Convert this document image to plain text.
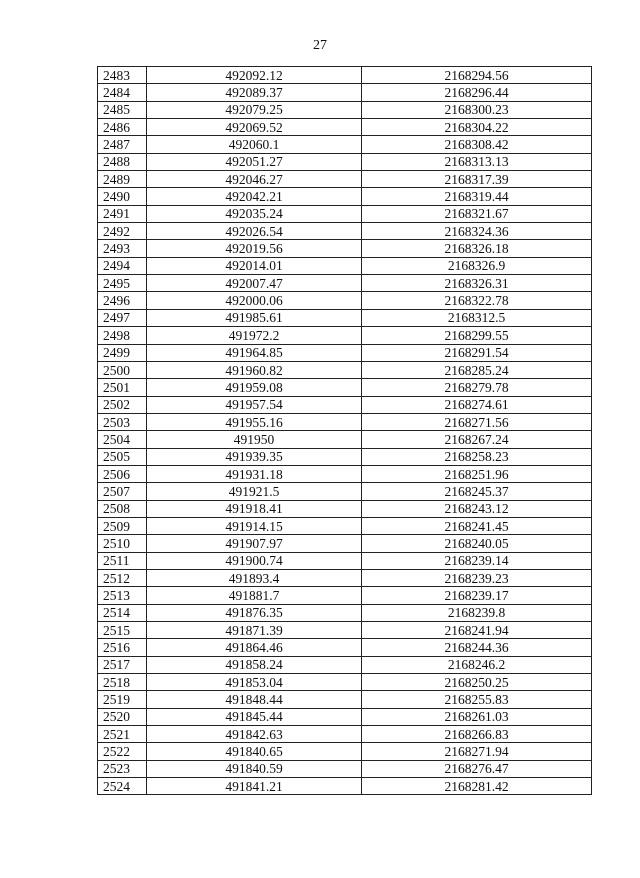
27
2483	492092.12	2168294.56
2484	492089.37	2168296.44
2485	492079.25	2168300.23
2486	492069.52	2168304.22
2487	492060.1	2168308.42
2488	492051.27	2168313.13
2489	492046.27	2168317.39
2490	492042.21	2168319.44
2491	492035.24	2168321.67
2492	492026.54	2168324.36
2493	492019.56	2168326.18
2494	492014.01	2168326.9
2495	492007.47	2168326.31
2496	492000.06	2168322.78
2497	491985.61	2168312.5
2498	491972.2	2168299.55
2499	491964.85	2168291.54
2500	491960.82	2168285.24
2501	491959.08	2168279.78
2502	491957.54	2168274.61
2503	491955.16	2168271.56
2504	491950	2168267.24
2505	491939.35	2168258.23
2506	491931.18	2168251.96
2507	491921.5	2168245.37
2508	491918.41	2168243.12
2509	491914.15	2168241.45
2510	491907.97	2168240.05
2511	491900.74	2168239.14
2512	491893.4	2168239.23
2513	491881.7	2168239.17
2514	491876.35	2168239.8
2515	491871.39	2168241.94
2516	491864.46	2168244.36
2517	491858.24	2168246.2
2518	491853.04	2168250.25
2519	491848.44	2168255.83
2520	491845.44	2168261.03
2521	491842.63	2168266.83
2522	491840.65	2168271.94
2523	491840.59	2168276.47
2524	491841.21	2168281.42
